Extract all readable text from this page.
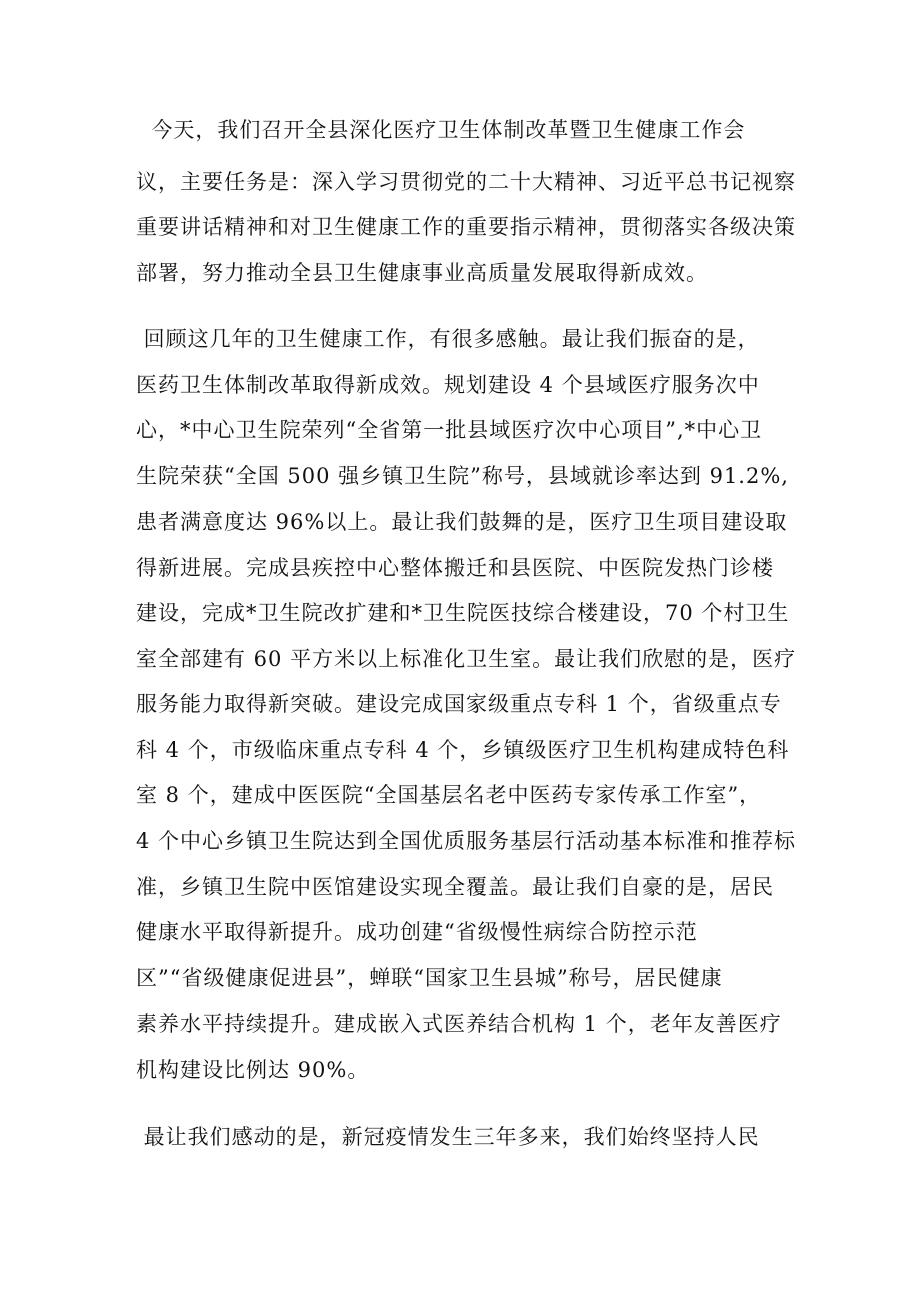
今天，我们召开全县深化医疗卫生体制改革暨卫生健康工作会
议，主要任务是：深入学习贯彻党的二十大精神、习近平总书记视察
重要讲话精神和对卫生健康工作的重要指示精神，贯彻落实各级决策
部署，努力推动全县卫生健康事业高质量发展取得新成效。
回顾这几年的卫生健康工作，有很多感触。最让我们振奋的是，
医药卫生体制改革取得新成效。规划建设 4 个县域医疗服务次中
心，*中心卫生院荣列“全省第一批县域医疗次中心项目”,*中心卫
生院荣获“全国 500 强乡镇卫生院”称号，县域就诊率达到 91.2%,
患者满意度达 96%以上。最让我们鼓舞的是，医疗卫生项目建设取
得新进展。完成县疾控中心整体搬迁和县医院、中医院发热门诊楼
建设，完成*卫生院改扩建和*卫生院医技综合楼建设，70 个村卫生
室全部建有 60 平方米以上标准化卫生室。最让我们欣慰的是，医疗
服务能力取得新突破。建设完成国家级重点专科 1 个，省级重点专
科 4 个，市级临床重点专科 4 个，乡镇级医疗卫生机构建成特色科
室 8 个，建成中医医院“全国基层名老中医药专家传承工作室”，
4 个中心乡镇卫生院达到全国优质服务基层行活动基本标准和推荐标
准，乡镇卫生院中医馆建设实现全覆盖。最让我们自豪的是，居民
健康水平取得新提升。成功创建“省级慢性病综合防控示范
区”“省级健康促进县”，蝉联“国家卫生县城”称号，居民健康
素养水平持续提升。建成嵌入式医养结合机构 1 个，老年友善医疗
机构建设比例达 90%。
最让我们感动的是，新冠疫情发生三年多来，我们始终坚持人民
